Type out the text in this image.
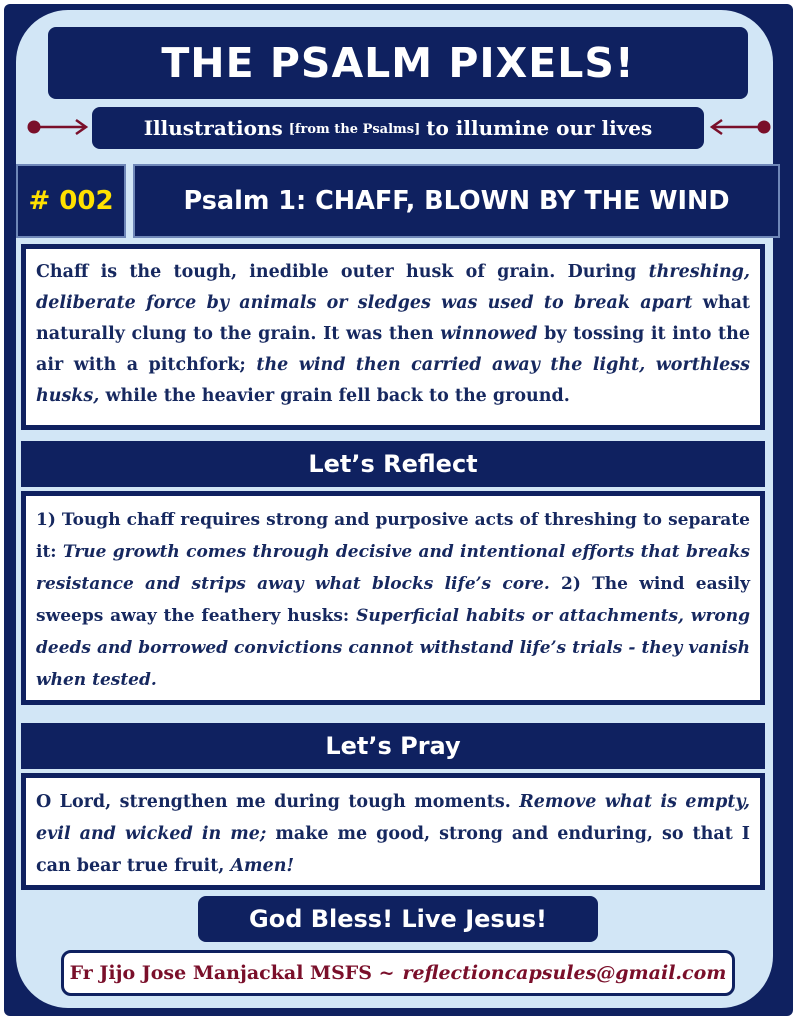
THE PSALM PIXELS!
Illustrations [from the Psalms] to illumine our lives
# 002	Psalm 1: CHAFF, BLOWN BY THE WIND
Chaff is the tough, inedible outer husk of grain. During threshing, deliberate force by animals or sledges was used to break apart what naturally clung to the grain. It was then winnowed by tossing it into the air with a pitchfork; the wind then carried away the light, worthless husks, while the heavier grain fell back to the ground.
Let’s Reflect
1) Tough chaff requires strong and purposive acts of threshing to separate it: True growth comes through decisive and intentional efforts that breaks resistance and strips away what blocks life’s core. 2) The wind easily sweeps away the feathery husks: Superficial habits or attachments, wrong deeds and borrowed convictions cannot withstand life’s trials - they vanish when tested.
Let’s Pray
O Lord, strengthen me during tough moments. Remove what is empty, evil and wicked in me; make me good, strong and enduring, so that I can bear true fruit, Amen!
God Bless! Live Jesus!
Fr Jijo Jose Manjackal MSFS ~ reflectioncapsules@gmail.com
